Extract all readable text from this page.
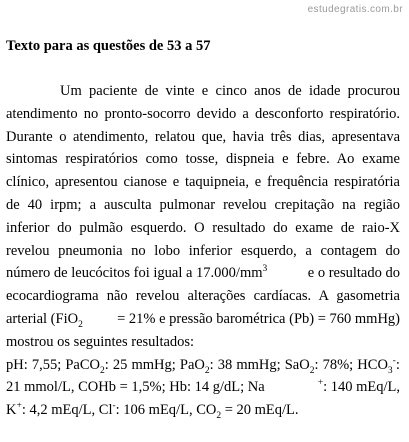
estudegratis.com.br
Texto para as questões de 53 a 57
Um paciente de vinte e cinco anos de idade procurou
atendimento no pronto-socorro devido a desconforto respiratório.
Durante o atendimento, relatou que, havia três dias, apresentava
sintomas respiratórios como tosse, dispneia e febre. Ao exame
clínico, apresentou cianose e taquipneia, e frequência respiratória
de 40 irpm; a ausculta pulmonar revelou crepitação na região
inferior do pulmão esquerdo. O resultado do exame de raio-X
revelou pneumonia no lobo inferior esquerdo, a contagem do
número de leucócitos foi igual a $17.000/mm^3$	e o resultado do
ecocardiograma não revelou alterações cardíacas. A gasometria
arterial (FiO$_2$ = 21% e pressão barométrica (Pb) = 760 mmHg)
mostrou os seguintes resultados:
pH: 7,55; PaCO$_2$: 25 mmHg; PaO$_2$: 38 mmHg; SaO$_2$: 78%; $HCO_3^-$:
21 mmol/L, COHb = 1,5%; Hb: 14 g/dL; Na	+: 140 mEq/L,
K+: 4,2 mEq/L, Cl-: 106 mEq/L, $CO_2 = 20$ mEq/L.
